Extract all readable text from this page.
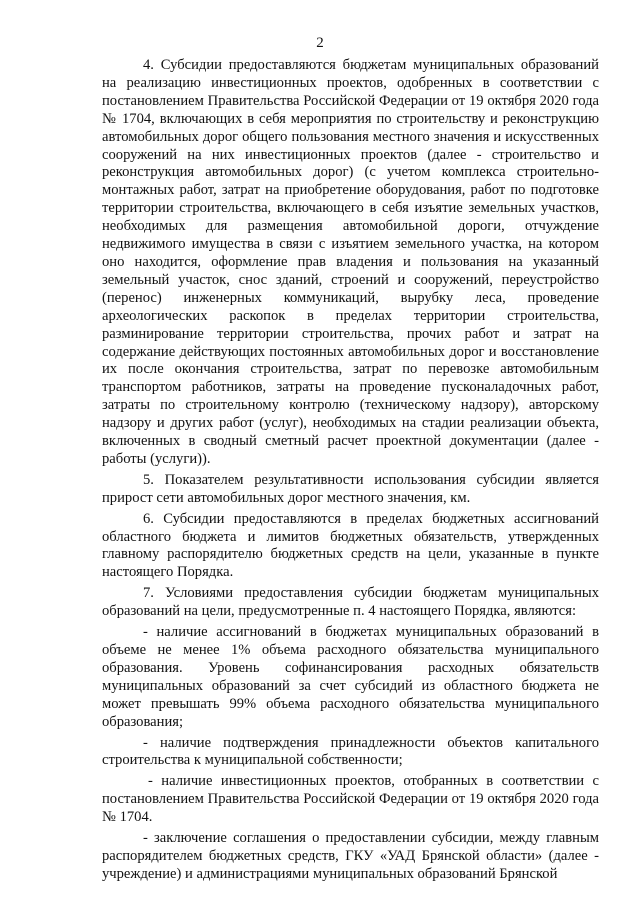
2

4. Субсидии предоставляются бюджетам муниципальных образований на реализацию инвестиционных проектов, одобренных в соответствии с постановлением Правительства Российской Федерации от 19 октября 2020 года № 1704, включающих в себя мероприятия по строительству и реконструкцию автомобильных дорог общего пользования местного значения и искусственных сооружений на них инвестиционных проектов (далее - строительство и реконструкция автомобильных дорог) (с учетом комплекса строительно-монтажных работ, затрат на приобретение оборудования, работ по подготовке территории строительства, включающего в себя изъятие земельных участков, необходимых для размещения автомобильной дороги, отчуждение недвижимого имущества в связи с изъятием земельного участка, на котором оно находится, оформление прав владения и пользования на указанный земельный участок, снос зданий, строений и сооружений, переустройство (перенос) инженерных коммуникаций, вырубку леса, проведение археологических раскопок в пределах территории строительства, разминирование территории строительства, прочих работ и затрат на содержание действующих постоянных автомобильных дорог и восстановление их после окончания строительства, затрат по перевозке автомобильным транспортом работников, затраты на проведение пусконаладочных работ, затраты по строительному контролю (техническому надзору), авторскому надзору и других работ (услуг), необходимых на стадии реализации объекта, включенных в сводный сметный расчет проектной документации (далее - работы (услуги)).

5. Показателем результативности использования субсидии является прирост сети автомобильных дорог местного значения, км.

6. Субсидии предоставляются в пределах бюджетных ассигнований областного бюджета и лимитов бюджетных обязательств, утвержденных главному распорядителю бюджетных средств на цели, указанные в пункте настоящего Порядка.

7. Условиями предоставления субсидии бюджетам муниципальных образований на цели, предусмотренные п. 4 настоящего Порядка, являются:

- наличие ассигнований в бюджетах муниципальных образований в объеме не менее 1% объема расходного обязательства муниципального образования. Уровень софинансирования расходных обязательств муниципальных образований за счет субсидий из областного бюджета не может превышать 99% объема расходного обязательства муниципального образования;

- наличие подтверждения принадлежности объектов капитального строительства к муниципальной собственности;

- наличие инвестиционных проектов, отобранных в соответствии с постановлением Правительства Российской Федерации от 19 октября 2020 года № 1704.

- заключение соглашения о предоставлении субсидии, между главным распорядителем бюджетных средств, ГКУ «УАД Брянской области» (далее - учреждение) и администрациями муниципальных образований Брянской
